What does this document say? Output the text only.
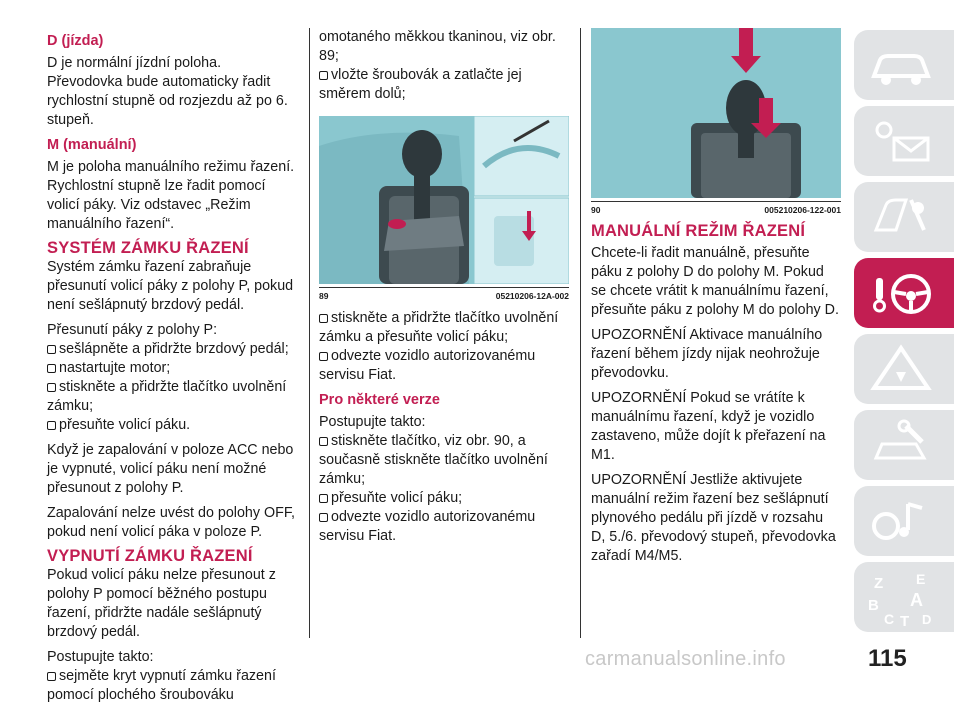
D (jízda)

D je normální jízdní poloha. Převodovka bude automaticky řadit rychlostní stupně od rozjezdu až po 6. stupeň.

M (manuální)

M je poloha manuálního režimu řazení. Rychlostní stupně lze řadit pomocí volicí páky. Viz odstavec „Režim manuálního řazení“.

SYSTÉM ZÁMKU ŘAZENÍ

Systém zámku řazení zabraňuje přesunutí volicí páky z polohy P, pokud není sešlápnutý brzdový pedál.

Přesunutí páky z polohy P:

sešlápněte a přidržte brzdový pedál;

nastartujte motor;

stiskněte a přidržte tlačítko uvolnění zámku;

přesuňte volicí páku.

Když je zapalování v poloze ACC nebo je vypnuté, volicí páku není možné přesunout z polohy P.

Zapalování nelze uvést do polohy OFF, pokud není volicí páka v poloze P.

VYPNUTÍ ZÁMKU ŘAZENÍ

Pokud volicí páku nelze přesunout z polohy P pomocí běžného postupu řazení, přidržte nadále sešlápnutý brzdový pedál.

Postupujte takto:

sejměte kryt vypnutí zámku řazení pomocí plochého šroubováku

omotaného měkkou tkaninou, viz obr. 89;

vložte šroubovák a zatlačte jej směrem dolů;

89	05210206-12A-002

stiskněte a přidržte tlačítko uvolnění zámku a přesuňte volicí páku;

odvezte vozidlo autorizovanému servisu Fiat.

Pro některé verze

Postupujte takto:

stiskněte tlačítko, viz obr. 90, a současně stiskněte tlačítko uvolnění zámku;

přesuňte volicí páku;

odvezte vozidlo autorizovanému servisu Fiat.

90	005210206-122-001
MANUÁLNÍ REŽIM ŘAZENÍ

Chcete-li řadit manuálně, přesuňte páku z polohy D do polohy M. Pokud se chcete vrátit k manuálnímu řazení, přesuňte páku z polohy M do polohy D.

UPOZORNĚNÍ Aktivace manuálního řazení během jízdy nijak neohrožuje převodovku.

UPOZORNĚNÍ Pokud se vrátíte k manuálnímu řazení, když je vozidlo zastaveno, může dojít k přeřazení na M1.

UPOZORNĚNÍ Jestliže aktivujete manuální režim řazení bez sešlápnutí plynového pedálu při jízdě v rozsahu D, 5./6. převodový stupeň, převodovka zařadí M4/M5.

Z E
B A
C T D
carmanualsonline.info	115
